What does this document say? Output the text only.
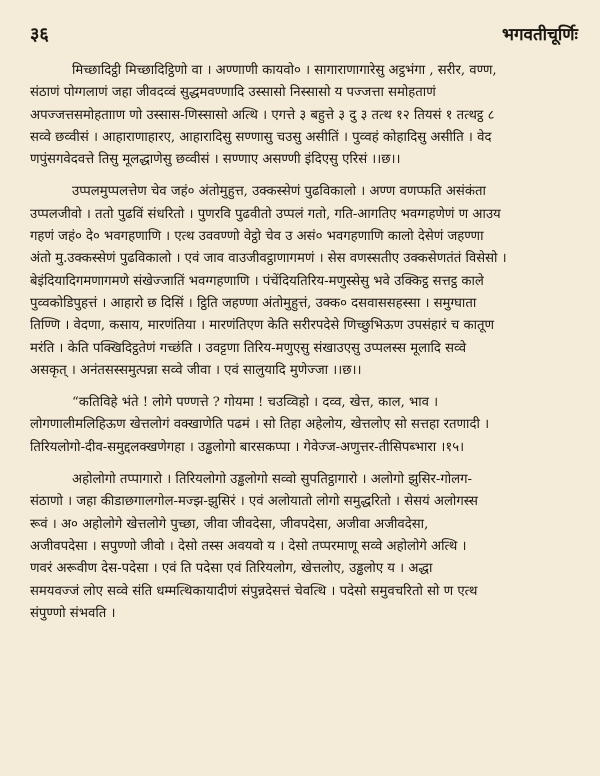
३६	भगवतीचूर्णिः
मिच्छादिट्ठी मिच्छादिट्ठिणो वा । अण्णाणी कायवो० । सागाराणागारेसु अट्ठभंगा , सरीर, वण्ण,
संठाणं पोग्गलाणं जहा जीवदव्वं सुद्धमवण्णादि उस्सासो निस्सासो य पज्जत्ता समोहताणं
अपज्जत्तसमोहतााण णो उस्सास-णिस्सासो अत्थि । एगत्ते ३ बहुत्ते ३ दु ३ तत्थ १२ तियसं १ तत्थट्ठ ८
सव्वे छव्वीसं । आहाराणाहारए, आहारादिसु सण्णासु चउसु असीतिं । पुव्वहं कोहादिसु असीति । वेद
णपुंसगवेदवत्ते तिसु मूलद्धाणेसु छव्वीसं । सण्णाए असण्णी इंदिएसु एरिसं ।।छ।।
उप्पलमुप्पलत्तेण चेव जहं० अंतोमुहुत्त, उक्कस्सेणं पुढविकालो । अण्ण वणप्फति असंकंता
उप्पलजीवो । ततो पुढविं संधरितो । पुणरवि पुढवीतो उप्पलं गतो, गति-आगतिए भवग्गहणेणं ण आउय
गहणं जहं० दे० भवगहणाणि । एत्थ उववण्णो वेट्ठो चेव उ असं० भवगहणाणि कालो देसेणं जहण्णा
अंतो मु.उक्कस्सेणं पुढविकालो । एवं जाव वाउजीवट्ठाणागमणं । सेस वणस्सतीए उक्कसेणतंतं विसेसो ।
बेइंदियादिगमणागमणे संखेज्जातिं भवग्गहणाणि । पंचेंदियतिरिय-मणुस्सेसु भवे उक्किट्ठ सत्तट्ठ काले
पुव्वकोडिपुहत्तं । आहारो छ दिसिं । ट्ठिति जहण्णा अंतोमुहुत्तं, उक्क० दसवाससहस्सा । समुग्घाता
तिण्णि । वेदणा, कसाय, मारणंतिया । मारणंतिएण केति सरीरपदेसे णिच्छुभिऊण उपसंहारं च कातूण
मरंति । केति पक्खिदिट्ठतेणं गच्छंति । उवट्टणा तिरिय-मणुएसु संखाउएसु उप्पलस्स मूलादि सव्वे
असकृत् । अनंतसस्समुत्पन्ना सव्वे जीवा । एवं सालुयादि मुणेज्जा ।।छ।।
“कतिविहे भंते ! लोगे पण्णत्ते ? गोयमा ! चउव्विहो । दव्व, खेत्त, काल, भाव ।
लोगणालीमलिहिऊण खेत्तलोगं वक्खाणेति पढमं । सो तिहा अहेलोय, खेत्तलोए सो सत्तहा रतणादी ।
तिरियलोगो-दीव-समुद्दलक्खणेगहा । उड्ढलोगो बारसकप्पा । गेवेज्ज-अणुत्तर-तीसिपब्भारा ।१५।
अहोलोगो तप्पागारो । तिरियलोगो उड्ढलोगो सव्वो सुपतिट्ठागारो । अलोगो झुसिर-गोलग-
संठाणो । जहा कीडाछगालगोल-मज्झ-झुसिरं । एवं अलोयातो लोगो समुद्धरितो । सेसयं अलोगस्स
रूवं । अ० अहोलोगे खेत्तलोगे पुच्छा, जीवा जीवदेसा, जीवपदेसा, अजीवा अजीवदेसा,
अजीवपदेसा । सपुण्णो जीवो । देसो तस्स अवयवो य । देसो तप्परमाणू सव्वे अहोलोगे अत्थि ।
णवरं अरूवीण देस-पदेसा । एवं ति पदेसा एवं तिरियलोग, खेत्तलोए, उड्ढलोए य । अद्धा
समयवज्जं लोए सव्वे संति धम्मत्थिकायादीणं संपुन्नदेसत्तं चेवत्थि । पदेसो समुवचरितो सो ण एत्थ
संपुण्णो संभवति ।
